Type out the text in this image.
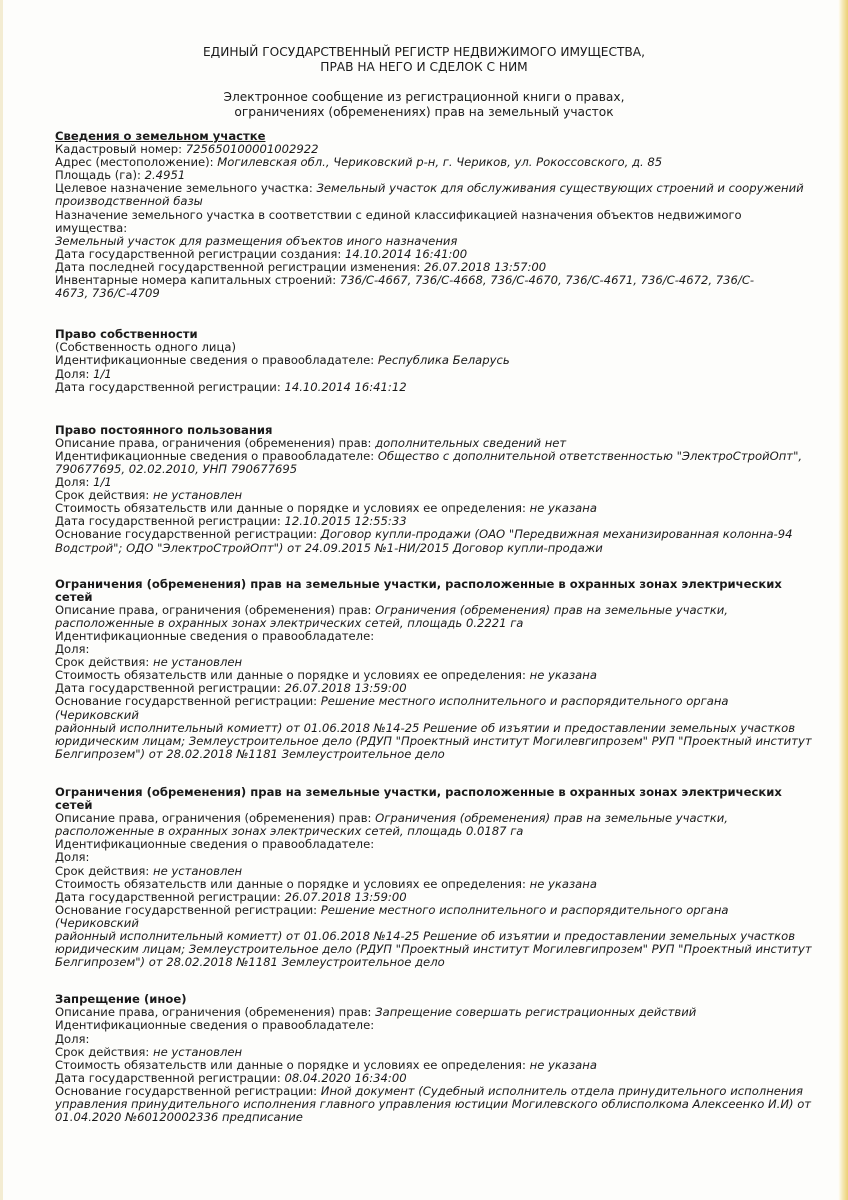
ЕДИНЫЙ ГОСУДАРСТВЕННЫЙ РЕГИСТР НЕДВИЖИМОГО ИМУЩЕСТВА,
ПРАВ НА НЕГО И СДЕЛОК С НИМ
Электронное сообщение из регистрационной книги о правах,
ограничениях (обременениях) прав на земельный участок
Сведения о земельном участке
Кадастровый номер: 725650100001002922
Адрес (местоположение): Могилевская обл., Чериковский р-н, г. Чериков, ул. Рокоссовского, д. 85
Площадь (га): 2.4951
Целевое назначение земельного участка: Земельный участок для обслуживания существующих строений и сооружений
производственной базы
Назначение земельного участка в соответствии с единой классификацией назначения объектов недвижимого имущества:
Земельный участок для размещения объектов иного назначения
Дата государственной регистрации создания: 14.10.2014 16:41:00
Дата последней государственной регистрации изменения: 26.07.2018 13:57:00
Инвентарные номера капитальных строений: 736/С-4667, 736/С-4668, 736/С-4670, 736/С-4671, 736/С-4672, 736/С-
4673, 736/С-4709
Право собственности
(Собственность одного лица)
Идентификационные сведения о правообладателе: Республика Беларусь
Доля: 1/1
Дата государственной регистрации: 14.10.2014 16:41:12
Право постоянного пользования
Описание права, ограничения (обременения) прав: дополнительных сведений нет
Идентификационные сведения о правообладателе: Общество с дополнительной ответственностью "ЭлектроСтройОпт",
790677695, 02.02.2010, УНП 790677695
Доля: 1/1
Срок действия: не установлен
Стоимость обязательств или данные о порядке и условиях ее определения: не указана
Дата государственной регистрации: 12.10.2015 12:55:33
Основание государственной регистрации: Договор купли-продажи (ОАО "Передвижная механизированная колонна-94
Водстрой"; ОДО "ЭлектроСтройОпт") от 24.09.2015 №1-НИ/2015 Договор купли-продажи
Ограничения (обременения) прав на земельные участки, расположенные в охранных зонах электрических
сетей
Описание права, ограничения (обременения) прав: Ограничения (обременения) прав на земельные участки,
расположенные в охранных зонах электрических сетей, площадь 0.2221 га
Идентификационные сведения о правообладателе:
Доля:
Срок действия: не установлен
Стоимость обязательств или данные о порядке и условиях ее определения: не указана
Дата государственной регистрации: 26.07.2018 13:59:00
Основание государственной регистрации: Решение местного исполнительного и распорядительного органа (Чериковский
районный исполнительный комиетт) от 01.06.2018 №14-25 Решение об изъятии и предоставлении земельных участков
юридическим лицам; Землеустроительное дело (РДУП "Проектный институт Могилевгипрозем" РУП "Проектный институт
Белгипрозем") от 28.02.2018 №1181 Землеустроительное дело
Ограничения (обременения) прав на земельные участки, расположенные в охранных зонах электрических
сетей
Описание права, ограничения (обременения) прав: Ограничения (обременения) прав на земельные участки,
расположенные в охранных зонах электрических сетей, площадь 0.0187 га
Идентификационные сведения о правообладателе:
Доля:
Срок действия: не установлен
Стоимость обязательств или данные о порядке и условиях ее определения: не указана
Дата государственной регистрации: 26.07.2018 13:59:00
Основание государственной регистрации: Решение местного исполнительного и распорядительного органа (Чериковский
районный исполнительный комиетт) от 01.06.2018 №14-25 Решение об изъятии и предоставлении земельных участков
юридическим лицам; Землеустроительное дело (РДУП "Проектный институт Могилевгипрозем" РУП "Проектный институт
Белгипрозем") от 28.02.2018 №1181 Землеустроительное дело
Запрещение (иное)
Описание права, ограничения (обременения) прав: Запрещение совершать регистрационных действий
Идентификационные сведения о правообладателе:
Доля:
Срок действия: не установлен
Стоимость обязательств или данные о порядке и условиях ее определения: не указана
Дата государственной регистрации: 08.04.2020 16:34:00
Основание государственной регистрации: Иной документ (Судебный исполнитель отдела принудительного исполнения
управления принудительного исполнения главного управления юстиции Могилевского облисполкома Алексеенко И.И) от
01.04.2020 №60120002336 предписание
